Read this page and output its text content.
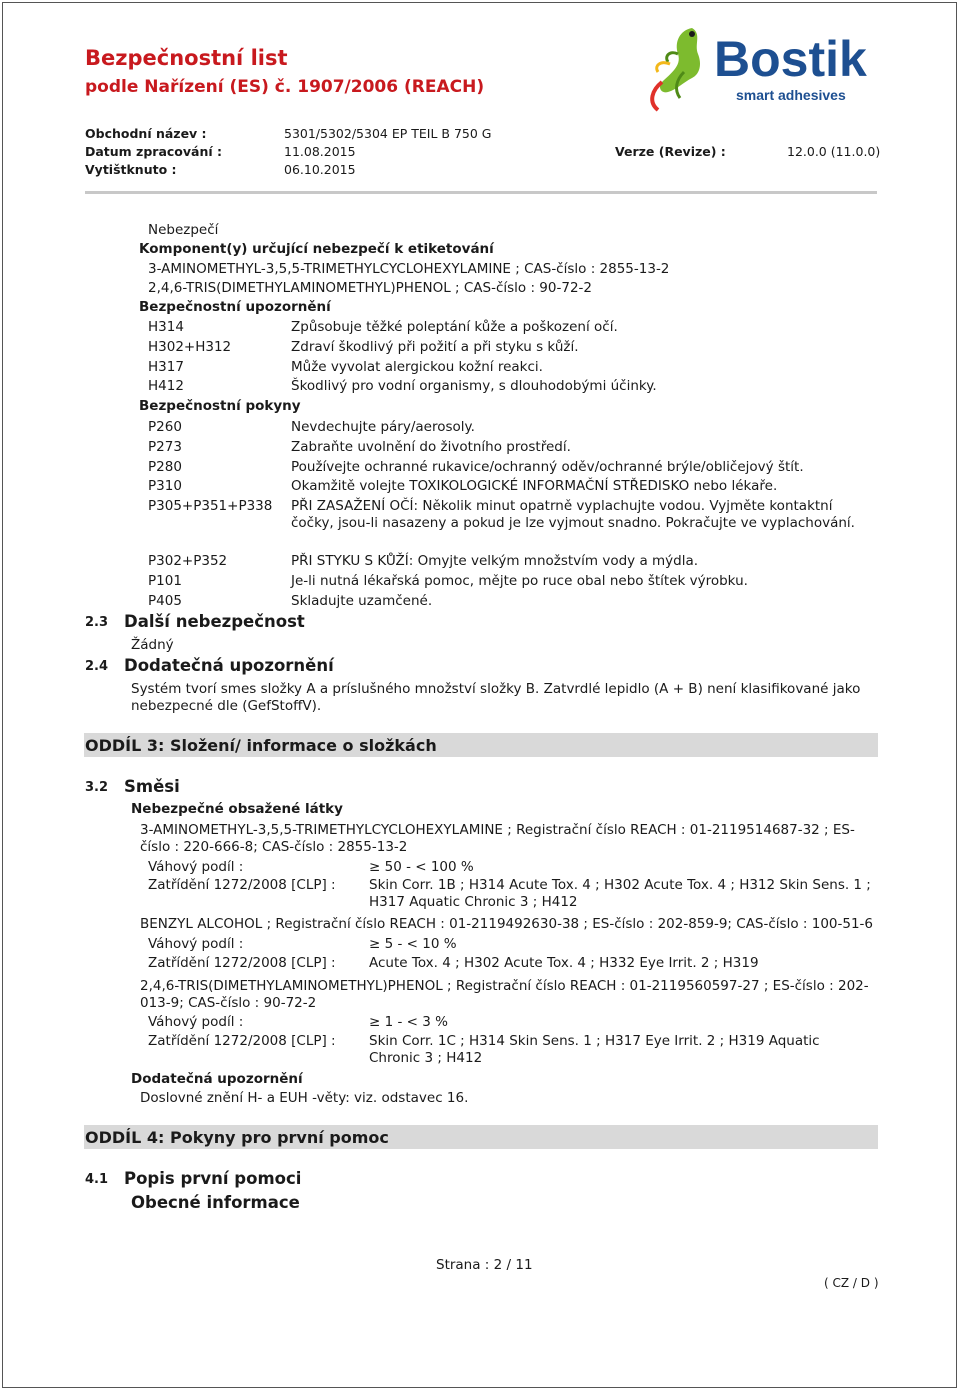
Bezpečnostní list
podle Nařízení (ES) č. 1907/2006 (REACH)	Bostik
smart adhesives
Obchodní název :	5301/5302/5304 EP TEIL B 750 G
Datum zpracování :	11.08.2015	Verze (Revize) :	12.0.0 (11.0.0)
Vytištknuto :	06.10.2015
Nebezpečí
Komponent(y) určující nebezpečí k etiketování
3-AMINOMETHYL-3,5,5-TRIMETHYLCYCLOHEXYLAMINE ; CAS-číslo : 2855-13-2
2,4,6-TRIS(DIMETHYLAMINOMETHYL)PHENOL ; CAS-číslo : 90-72-2
Bezpečnostní upozornění
H314	Způsobuje těžké poleptání kůže a poškození očí.
H302+H312	Zdraví škodlivý při požití a při styku s kůží.
H317	Může vyvolat alergickou kožní reakci.
H412	Škodlivý pro vodní organismy, s dlouhodobými účinky.
Bezpečnostní pokyny
P260	Nevdechujte páry/aerosoly.
P273	Zabraňte uvolnění do životního prostředí.
P280	Používejte ochranné rukavice/ochranný oděv/ochranné brýle/obličejový štít.
P310	Okamžitě volejte TOXIKOLOGICKÉ INFORMAČNÍ STŘEDISKO nebo lékaře.
P305+P351+P338 PŘI ZASAŽENÍ OČÍ: Několik minut opatrně vyplachujte vodou. Vyjměte kontaktní čočky, jsou-li nasazeny a pokud je lze vyjmout snadno. Pokračujte ve vyplachování.
P302+P352	PŘI STYKU S KŮŽÍ: Omyjte velkým množstvím vody a mýdla.
P101	Je-li nutná lékařská pomoc, mějte po ruce obal nebo štítek výrobku.
P405	Skladujte uzamčené.
2.3 Další nebezpečnost
Žádný
2.4 Dodatečná upozornění
Systém tvorí smes složky A a príslušného množství složky B. Zatvrdlé lepidlo (A + B) není klasifikované jako nebezpecné dle (GefStoffV).
ODDÍL 3: Složení/ informace o složkách
3.2 Směsi
Nebezpečné obsažené látky
3-AMINOMETHYL-3,5,5-TRIMETHYLCYCLOHEXYLAMINE ; Registrační číslo REACH : 01-2119514687-32 ; ES-číslo : 220-666-8; CAS-číslo : 2855-13-2
Váhový podíl :	≥ 50 - < 100 %
Zatřídění 1272/2008 [CLP] : Skin Corr. 1B ; H314 Acute Tox. 4 ; H302 Acute Tox. 4 ; H312 Skin Sens. 1 ; H317 Aquatic Chronic 3 ; H412
BENZYL ALCOHOL ; Registrační číslo REACH : 01-2119492630-38 ; ES-číslo : 202-859-9; CAS-číslo : 100-51-6
Váhový podíl :	≥ 5 - < 10 %
Zatřídění 1272/2008 [CLP] : Acute Tox. 4 ; H302 Acute Tox. 4 ; H332 Eye Irrit. 2 ; H319
2,4,6-TRIS(DIMETHYLAMINOMETHYL)PHENOL ; Registrační číslo REACH : 01-2119560597-27 ; ES-číslo : 202-013-9; CAS-číslo : 90-72-2
Váhový podíl :	≥ 1 - < 3 %
Zatřídění 1272/2008 [CLP] : Skin Corr. 1C ; H314 Skin Sens. 1 ; H317 Eye Irrit. 2 ; H319 Aquatic Chronic 3 ; H412
Dodatečná upozornění
Doslovné znění H- a EUH -věty: viz. odstavec 16.
ODDÍL 4: Pokyny pro první pomoc
4.1 Popis první pomoci
Obecné informace
Strana : 2 / 11
( CZ / D )
